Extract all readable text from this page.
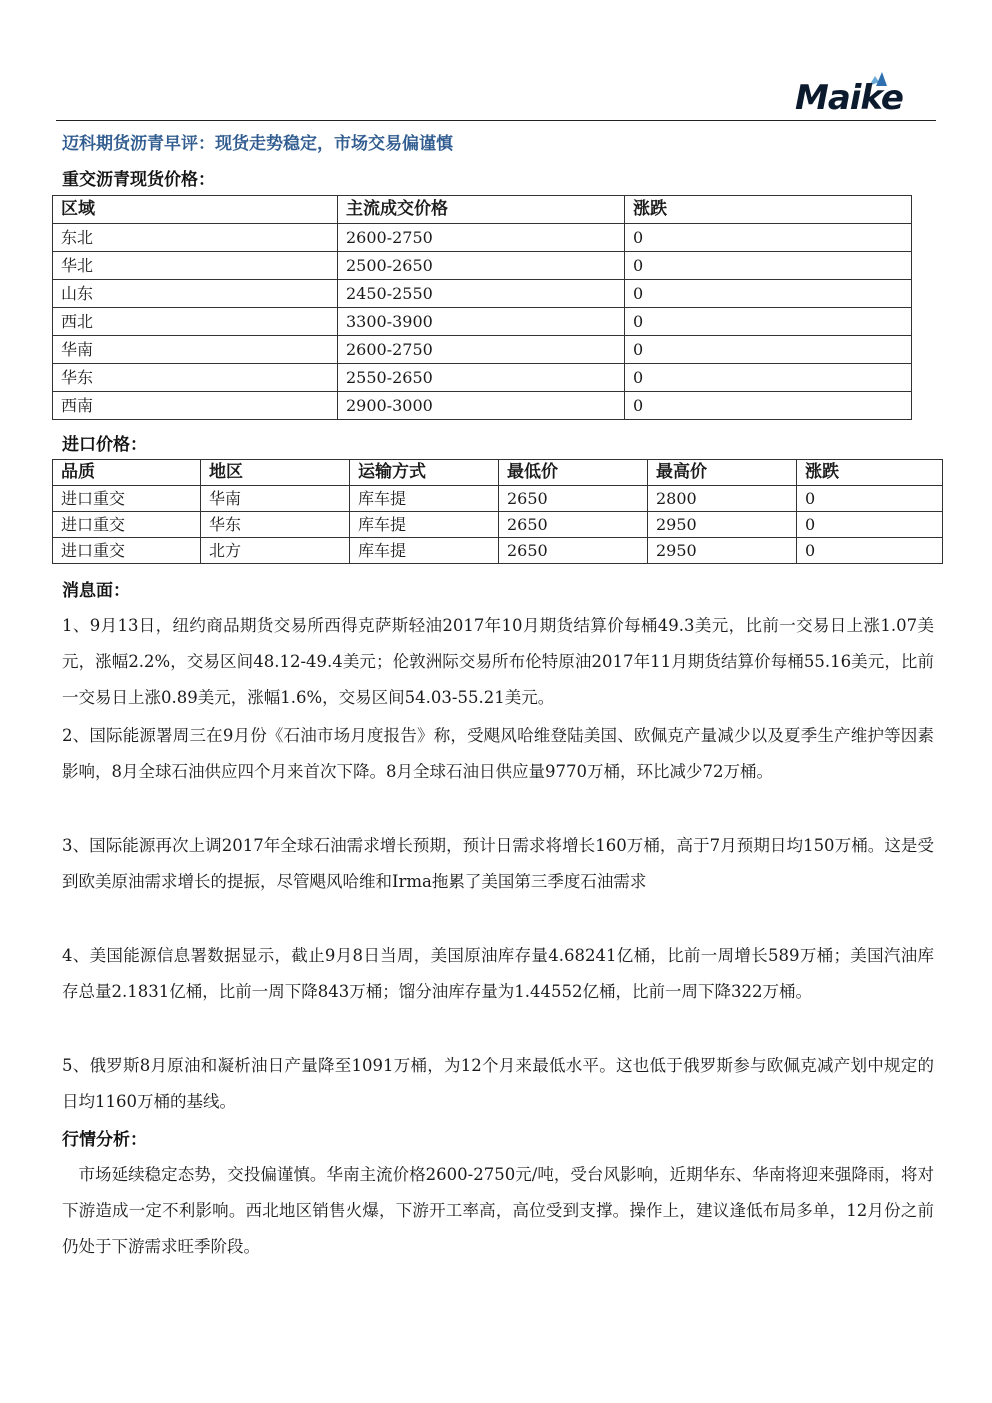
Maike
迈科期货沥青早评：现货走势稳定，市场交易偏谨慎
重交沥青现货价格：
区域	主流成交价格	涨跌
东北	2600-2750	0
华北	2500-2650	0
山东	2450-2550	0
西北	3300-3900	0
华南	2600-2750	0
华东	2550-2650	0
西南	2900-3000	0
进口价格：
品质	地区	运输方式	最低价	最高价	涨跌
进口重交	华南	库车提	2650	2800	0
进口重交	华东	库车提	2650	2950	0
进口重交	北方	库车提	2650	2950	0
消息面：

1、9月13日，纽约商品期货交易所西得克萨斯轻油2017年10月期货结算价每桶49.3美元，比前一交易日上涨1.07美元，涨幅2.2%，交易区间48.12-49.4美元；伦敦洲际交易所布伦特原油2017年11月期货结算价每桶55.16美元，比前一交易日上涨0.89美元，涨幅1.6%，交易区间54.03-55.21美元。

2、国际能源署周三在9月份《石油市场月度报告》称，受飓风哈维登陆美国、欧佩克产量减少以及夏季生产维护等因素影响，8月全球石油供应四个月来首次下降。8月全球石油日供应量9770万桶，环比减少72万桶。

3、国际能源再次上调2017年全球石油需求增长预期，预计日需求将增长160万桶，高于7月预期日均150万桶。这是受到欧美原油需求增长的提振，尽管飓风哈维和Irma拖累了美国第三季度石油需求

4、美国能源信息署数据显示，截止9月8日当周，美国原油库存量4.68241亿桶，比前一周增长589万桶；美国汽油库存总量2.1831亿桶，比前一周下降843万桶；馏分油库存量为1.44552亿桶，比前一周下降322万桶。

5、俄罗斯8月原油和凝析油日产量降至1091万桶，为12个月来最低水平。这也低于俄罗斯参与欧佩克减产划中规定的日均1160万桶的基线。

行情分析：

　市场延续稳定态势，交投偏谨慎。华南主流价格2600-2750元/吨，受台风影响，近期华东、华南将迎来强降雨，将对下游造成一定不利影响。西北地区销售火爆，下游开工率高，高位受到支撑。操作上，建议逢低布局多单，12月份之前仍处于下游需求旺季阶段。
